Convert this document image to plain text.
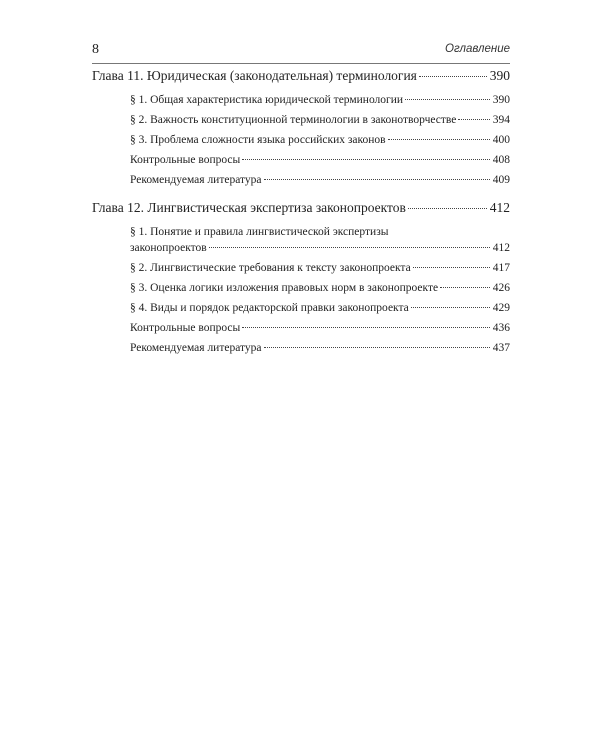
8	Оглавление
Глава 11. Юридическая (законодательная) терминология	390
§ 1. Общая характеристика юридической терминологии	390
§ 2. Важность конституционной терминологии в законотворчестве	394
§ 3. Проблема сложности языка российских законов	400
Контрольные вопросы	408
Рекомендуемая литература	409
Глава 12. Лингвистическая экспертиза законопроектов	412
§ 1. Понятие и правила лингвистической экспертизы
законопроектов	412
§ 2. Лингвистические требования к тексту законопроекта	417
§ 3. Оценка логики изложения правовых норм в законопроекте	426
§ 4. Виды и порядок редакторской правки законопроекта	429
Контрольные вопросы	436
Рекомендуемая литература	437
